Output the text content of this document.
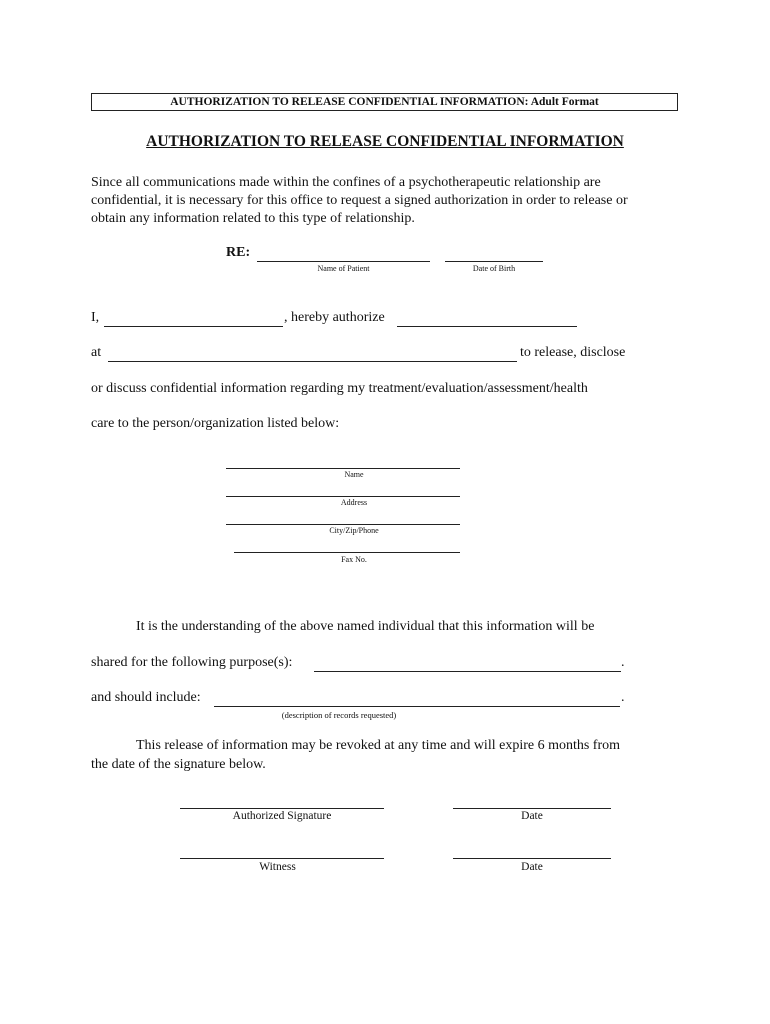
AUTHORIZATION TO RELEASE CONFIDENTIAL INFORMATION: Adult Format
AUTHORIZATION TO RELEASE CONFIDENTIAL INFORMATION
Since all communications made within the confines of a psychotherapeutic relationship are
confidential, it is necessary for this office to request a signed authorization in order to release or
obtain any information related to this type of relationship.
RE:
Name of Patient	Date of Birth
I,	, hereby authorize
at	to release, disclose
or discuss confidential information regarding my treatment/evaluation/assessment/health
care to the person/organization listed below:
Name
Address
City/Zip/Phone
Fax No.
It is the understanding of the above named individual that this information will be
shared for the following purpose(s):	.
and should include:	.
(description of records requested)
This release of information may be revoked at any time and will expire 6 months from
the date of the signature below.
Authorized Signature	Date
Witness	Date
